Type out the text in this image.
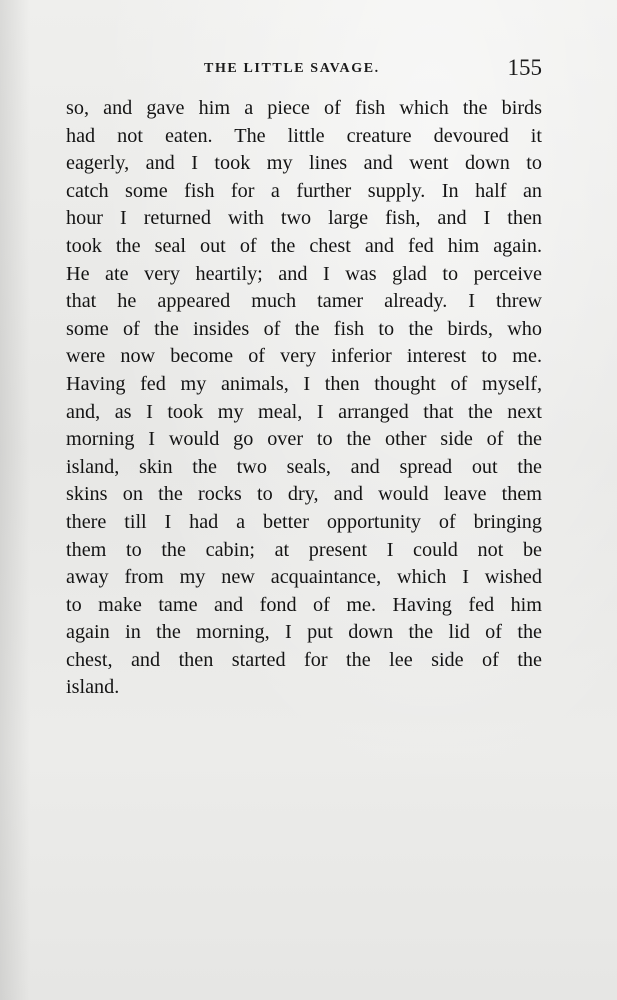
THE LITTLE SAVAGE.	155
so, and gave him a piece of fish which the birds
had not eaten. The little creature devoured it
eagerly, and I took my lines and went down to
catch some fish for a further supply. In half an
hour I returned with two large fish, and I then
took the seal out of the chest and fed him again.
He ate very heartily; and I was glad to perceive
that he appeared much tamer already. I threw
some of the insides of the fish to the birds, who
were now become of very inferior interest to me.
Having fed my animals, I then thought of myself,
and, as I took my meal, I arranged that the next
morning I would go over to the other side of the
island, skin the two seals, and spread out the
skins on the rocks to dry, and would leave them
there till I had a better opportunity of bringing
them to the cabin; at present I could not be
away from my new acquaintance, which I wished
to make tame and fond of me. Having fed him
again in the morning, I put down the lid of the
chest, and then started for the lee side of the
island.
